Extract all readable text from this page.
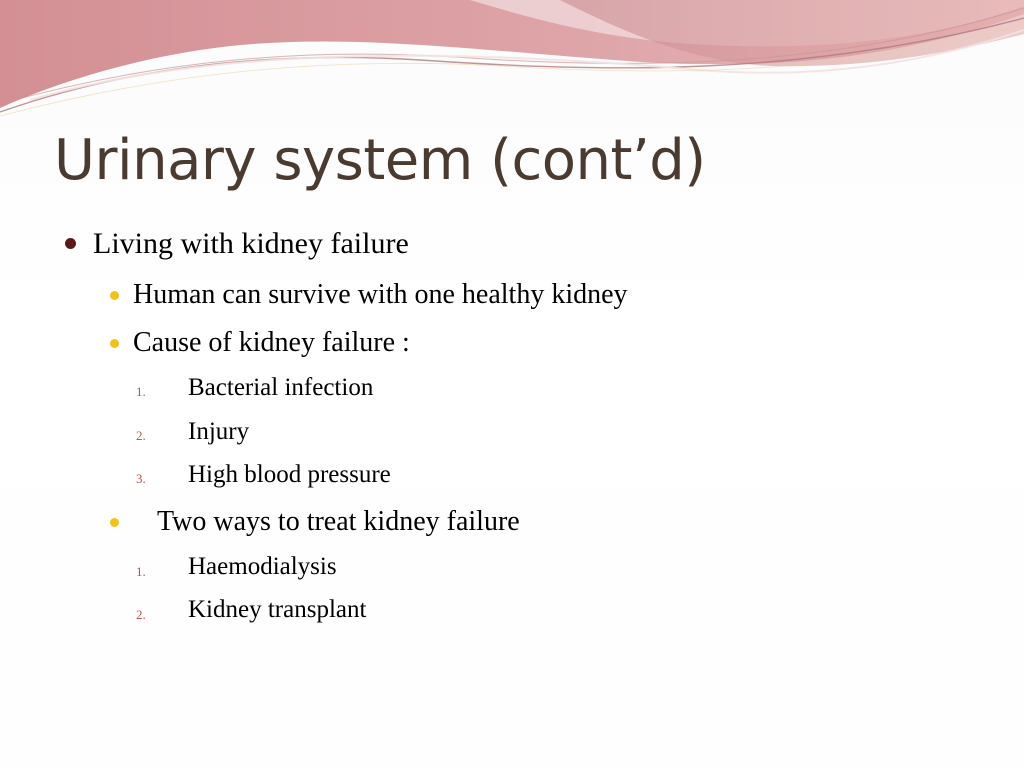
Urinary system (cont’d)
Living with kidney failure
Human can survive with one healthy kidney
Cause of kidney failure :
1. Bacterial infection
2. Injury
3. High blood pressure
Two ways to treat kidney failure
1. Haemodialysis
2. Kidney transplant
